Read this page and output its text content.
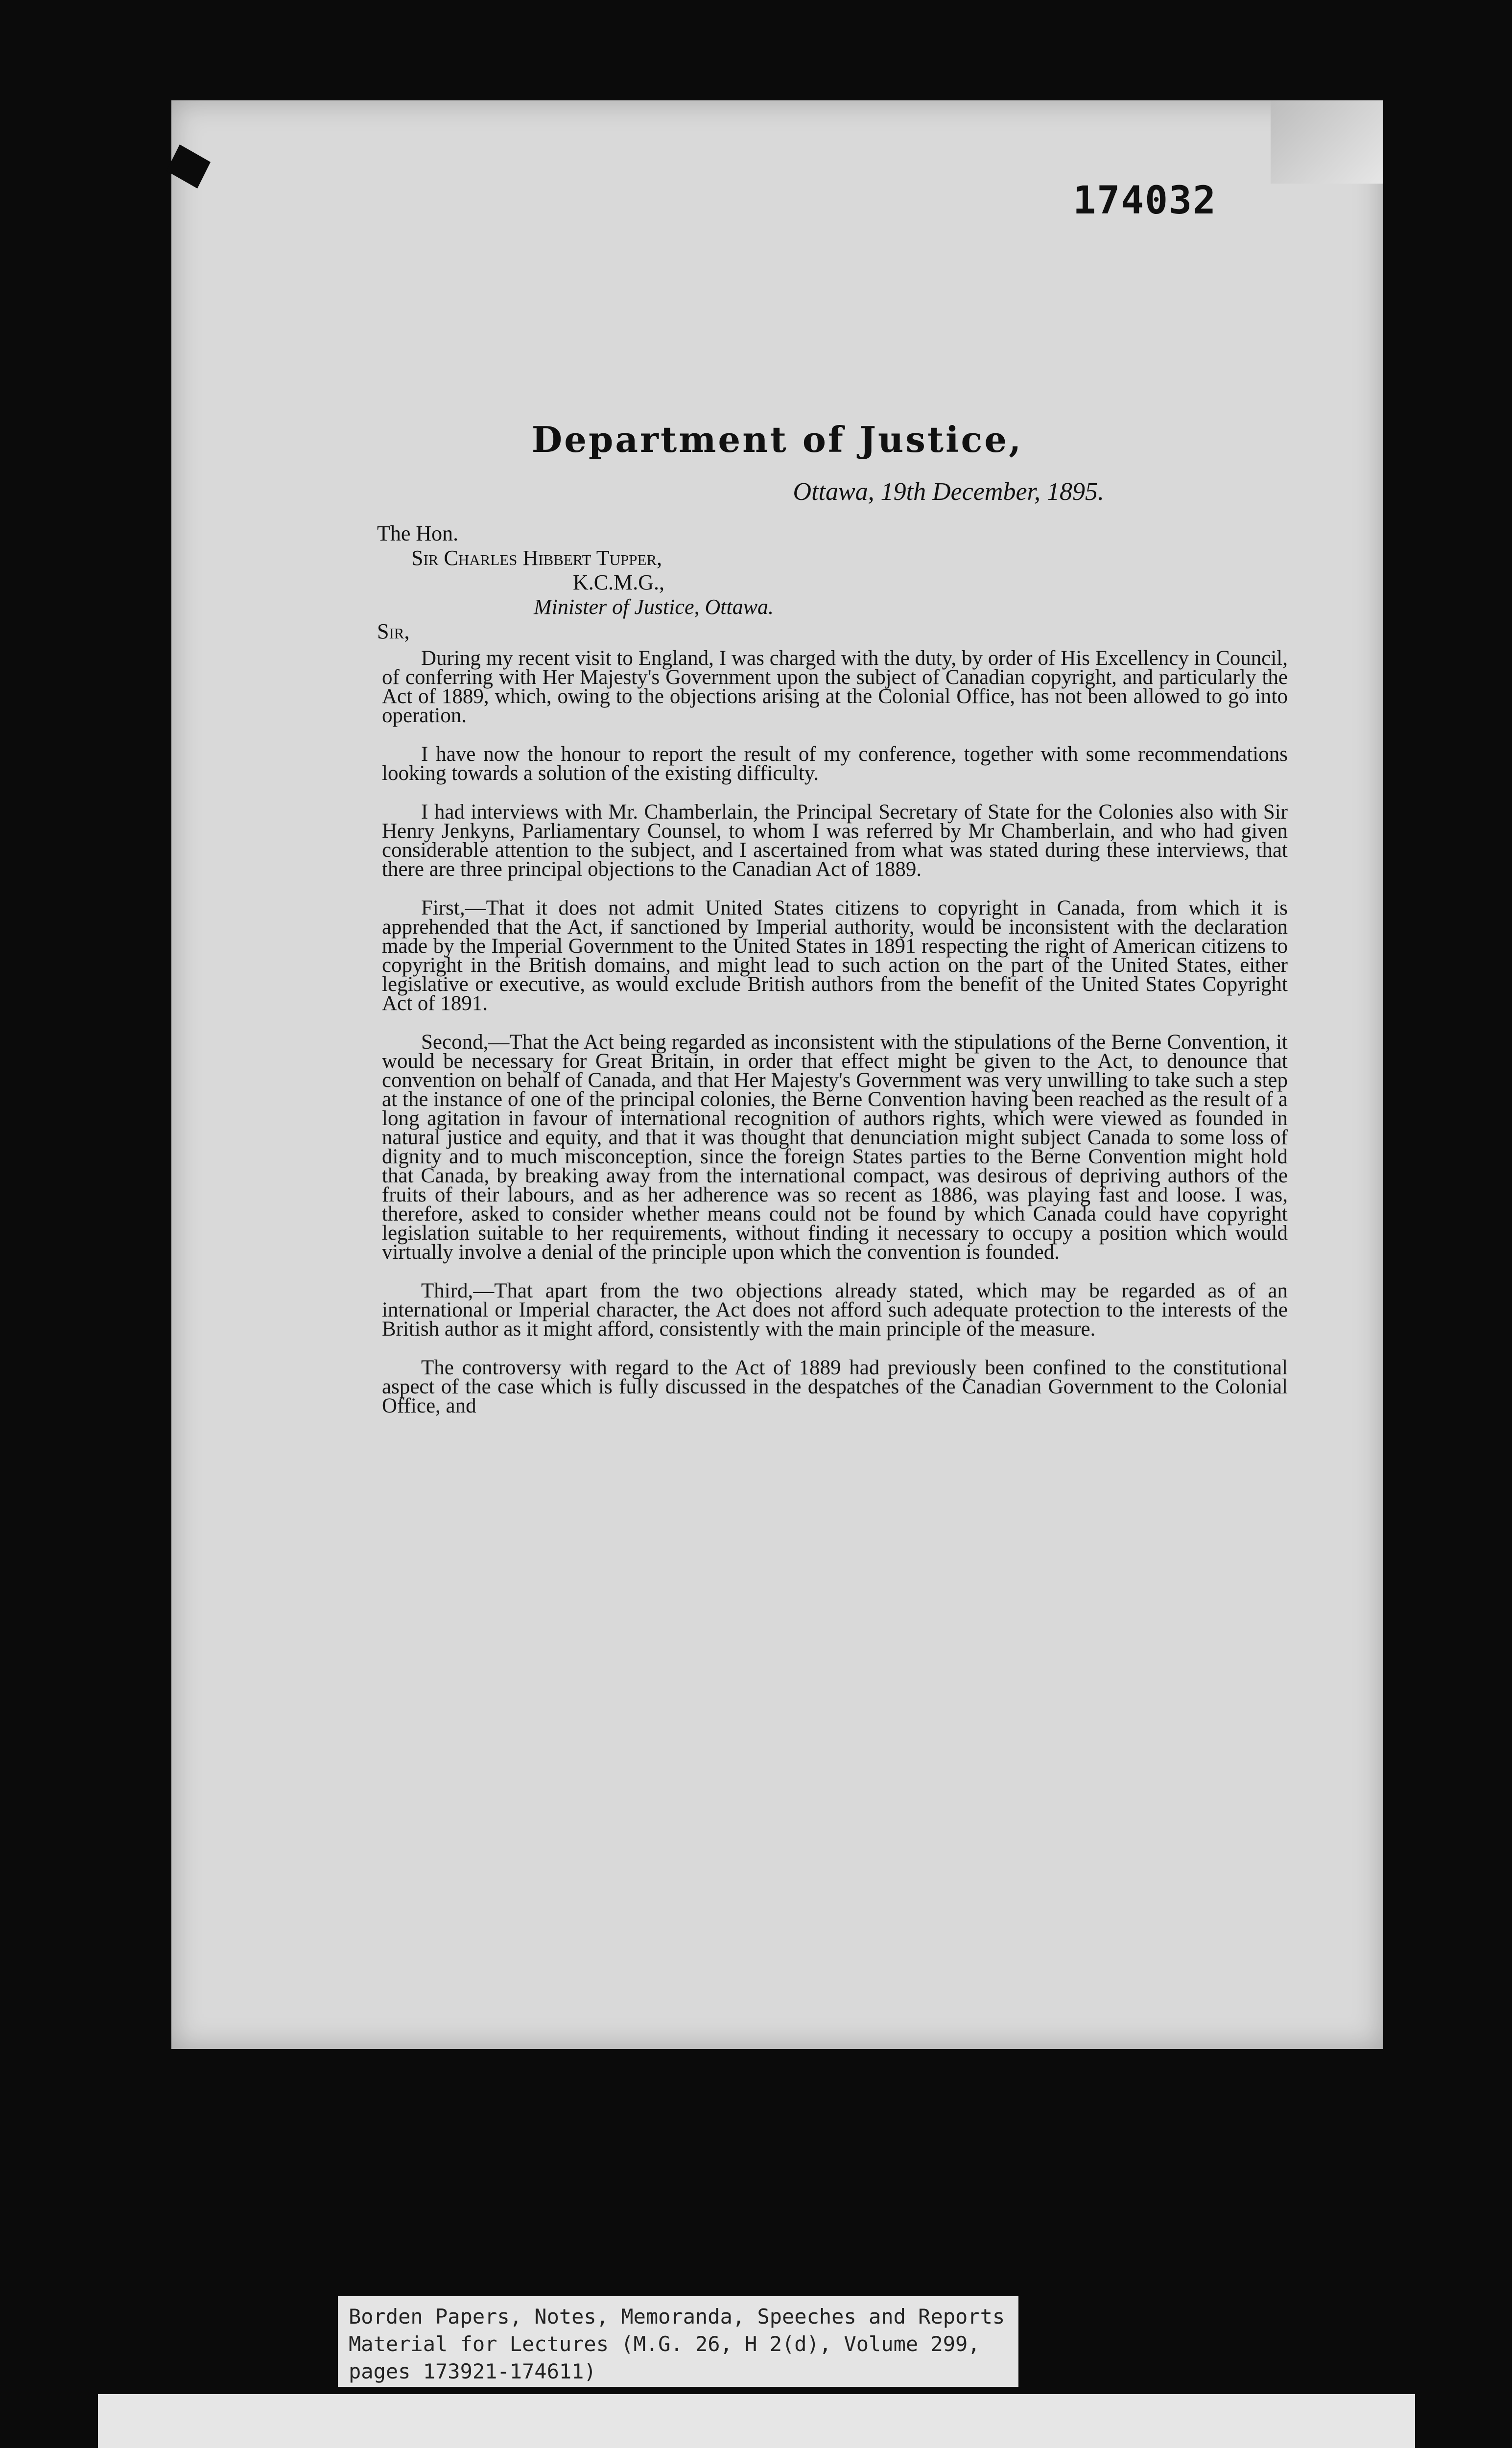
174032
Department of Justice,
Ottawa, 19th December, 1895.
The Hon.
Sir Charles Hibbert Tupper,
K.C.M.G.,
Minister of Justice, Ottawa.
Sir,

During my recent visit to England, I was charged with the duty, by order of His Excellency in Council, of conferring with Her Majesty's Government upon the subject of Canadian copyright, and particularly the Act of 1889, which, owing to the objections arising at the Colonial Office, has not been allowed to go into operation.

I have now the honour to report the result of my conference, together with some recommendations looking towards a solution of the existing difficulty.

I had interviews with Mr. Chamberlain, the Principal Secretary of State for the Colonies also with Sir Henry Jenkyns, Parliamentary Counsel, to whom I was referred by Mr Chamberlain, and who had given considerable attention to the subject, and I ascertained from what was stated during these interviews, that there are three principal objections to the Canadian Act of 1889.

First,—That it does not admit United States citizens to copyright in Canada, from which it is apprehended that the Act, if sanctioned by Imperial authority, would be inconsistent with the declaration made by the Imperial Government to the United States in 1891 respecting the right of American citizens to copyright in the British domains, and might lead to such action on the part of the United States, either legislative or executive, as would exclude British authors from the benefit of the United States Copyright Act of 1891.

Second,—That the Act being regarded as inconsistent with the stipulations of the Berne Convention, it would be necessary for Great Britain, in order that effect might be given to the Act, to denounce that convention on behalf of Canada, and that Her Majesty's Government was very unwilling to take such a step at the instance of one of the principal colonies, the Berne Convention having been reached as the result of a long agitation in favour of international recognition of authors rights, which were viewed as founded in natural justice and equity, and that it was thought that denunciation might subject Canada to some loss of dignity and to much misconception, since the foreign States parties to the Berne Convention might hold that Canada, by breaking away from the international compact, was desirous of depriving authors of the fruits of their labours, and as her adherence was so recent as 1886, was playing fast and loose. I was, therefore, asked to consider whether means could not be found by which Canada could have copyright legislation suitable to her requirements, without finding it necessary to occupy a position which would virtually involve a denial of the principle upon which the convention is founded.

Third,—That apart from the two objections already stated, which may be regarded as of an international or Imperial character, the Act does not afford such adequate protection to the interests of the British author as it might afford, consistently with the main principle of the measure.

The controversy with regard to the Act of 1889 had previously been confined to the constitutional aspect of the case which is fully discussed in the despatches of the Canadian Government to the Colonial Office, and

Borden Papers, Notes, Memoranda, Speeches and Reports
Material for Lectures (M.G. 26, H 2(d), Volume 299,
pages 173921-174611)
